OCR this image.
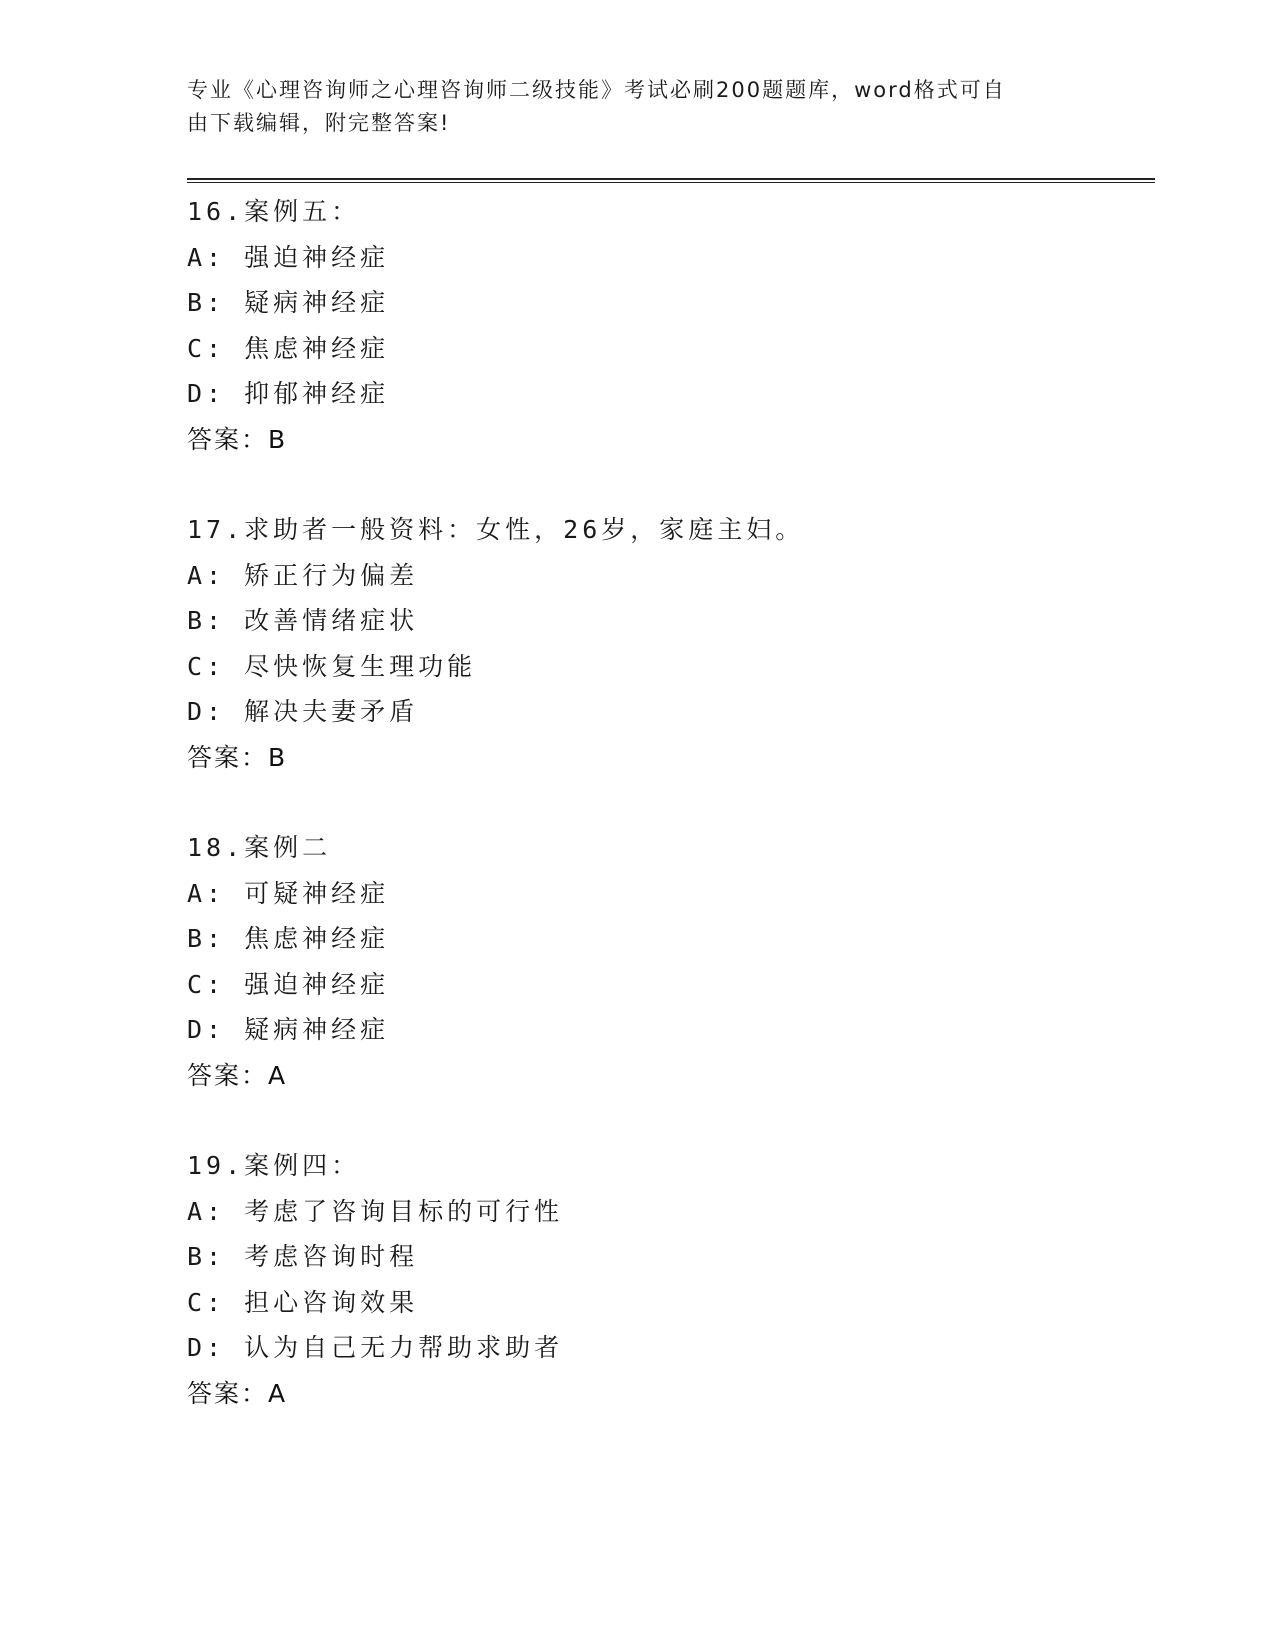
专业《心理咨询师之心理咨询师二级技能》考试必刷200题题库，word格式可自
由下载编辑，附完整答案!
16.案例五：
A: 强迫神经症
B: 疑病神经症
C: 焦虑神经症
D: 抑郁神经症
答案：B
17.求助者一般资料：女性，26岁，家庭主妇。
A: 矫正行为偏差
B: 改善情绪症状
C: 尽快恢复生理功能
D: 解决夫妻矛盾
答案：B
18.案例二
A: 可疑神经症
B: 焦虑神经症
C: 强迫神经症
D: 疑病神经症
答案：A
19.案例四：
A: 考虑了咨询目标的可行性
B: 考虑咨询时程
C: 担心咨询效果
D: 认为自己无力帮助求助者
答案：A
